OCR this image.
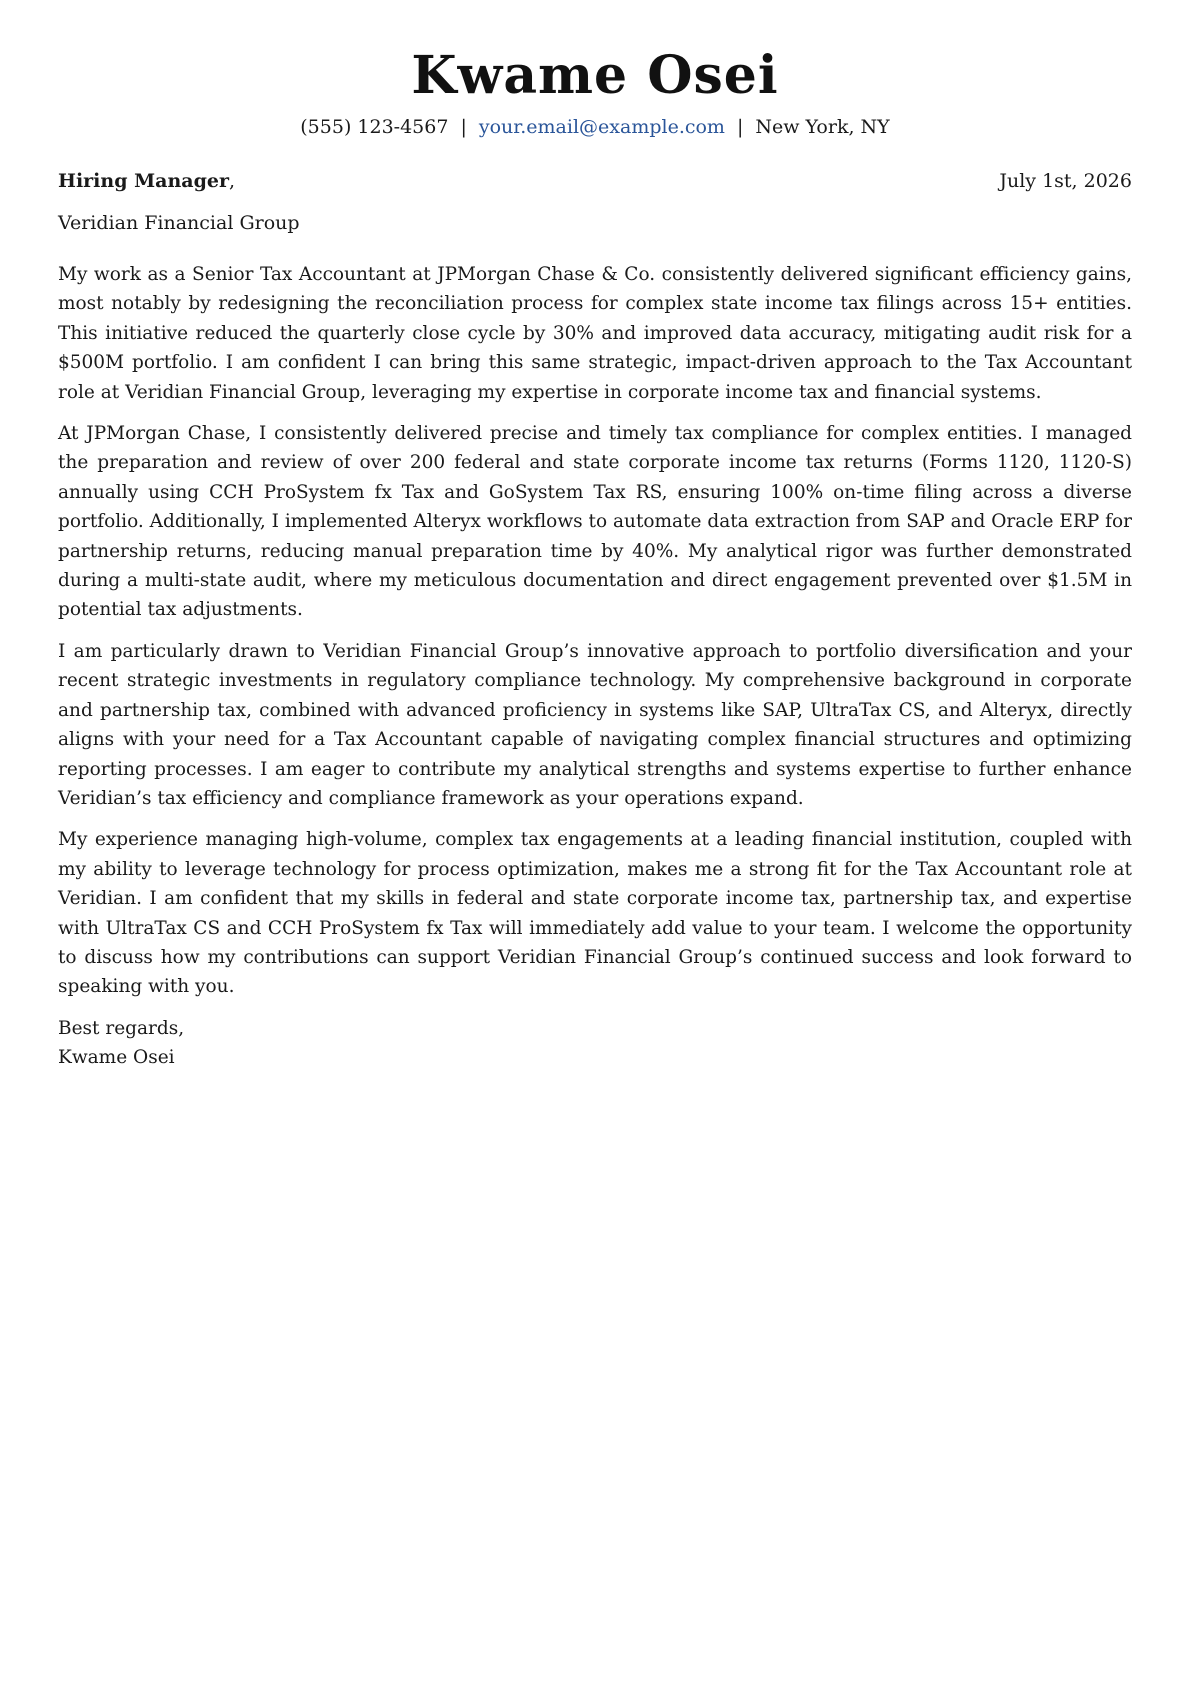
Kwame Osei
(555) 123-4567 | your.email@example.com | New York, NY
Hiring Manager,	July 1st, 2026
Veridian Financial Group

My work as a Senior Tax Accountant at JPMorgan Chase & Co. consistently delivered significant efficiency gains, most notably by redesigning the reconciliation process for complex state income tax filings across 15+ entities. This initiative reduced the quarterly close cycle by 30% and improved data accuracy, mitigating audit risk for a $500M portfolio. I am confident I can bring this same strategic, impact-driven approach to the Tax Accountant role at Veridian Financial Group, leveraging my expertise in corporate income tax and financial systems.

At JPMorgan Chase, I consistently delivered precise and timely tax compliance for complex entities. I managed the preparation and review of over 200 federal and state corporate income tax returns (Forms 1120, 1120-S) annually using CCH ProSystem fx Tax and GoSystem Tax RS, ensuring 100% on-time filing across a diverse portfolio. Additionally, I implemented Alteryx workflows to automate data extraction from SAP and Oracle ERP for partnership returns, reducing manual preparation time by 40%. My analytical rigor was further demonstrated during a multi-state audit, where my meticulous documentation and direct engagement prevented over $1.5M in potential tax adjustments.

I am particularly drawn to Veridian Financial Group’s innovative approach to portfolio diversification and your recent strategic investments in regulatory compliance technology. My comprehensive background in corporate and partnership tax, combined with advanced proficiency in systems like SAP, UltraTax CS, and Alteryx, directly aligns with your need for a Tax Accountant capable of navigating complex financial structures and optimizing reporting processes. I am eager to contribute my analytical strengths and systems expertise to further enhance Veridian’s tax efficiency and compliance framework as your operations expand.

My experience managing high-volume, complex tax engagements at a leading financial institution, coupled with my ability to leverage technology for process optimization, makes me a strong fit for the Tax Accountant role at Veridian. I am confident that my skills in federal and state corporate income tax, partnership tax, and expertise with UltraTax CS and CCH ProSystem fx Tax will immediately add value to your team. I welcome the opportunity to discuss how my contributions can support Veridian Financial Group’s continued success and look forward to speaking with you.

Best regards,
Kwame Osei
